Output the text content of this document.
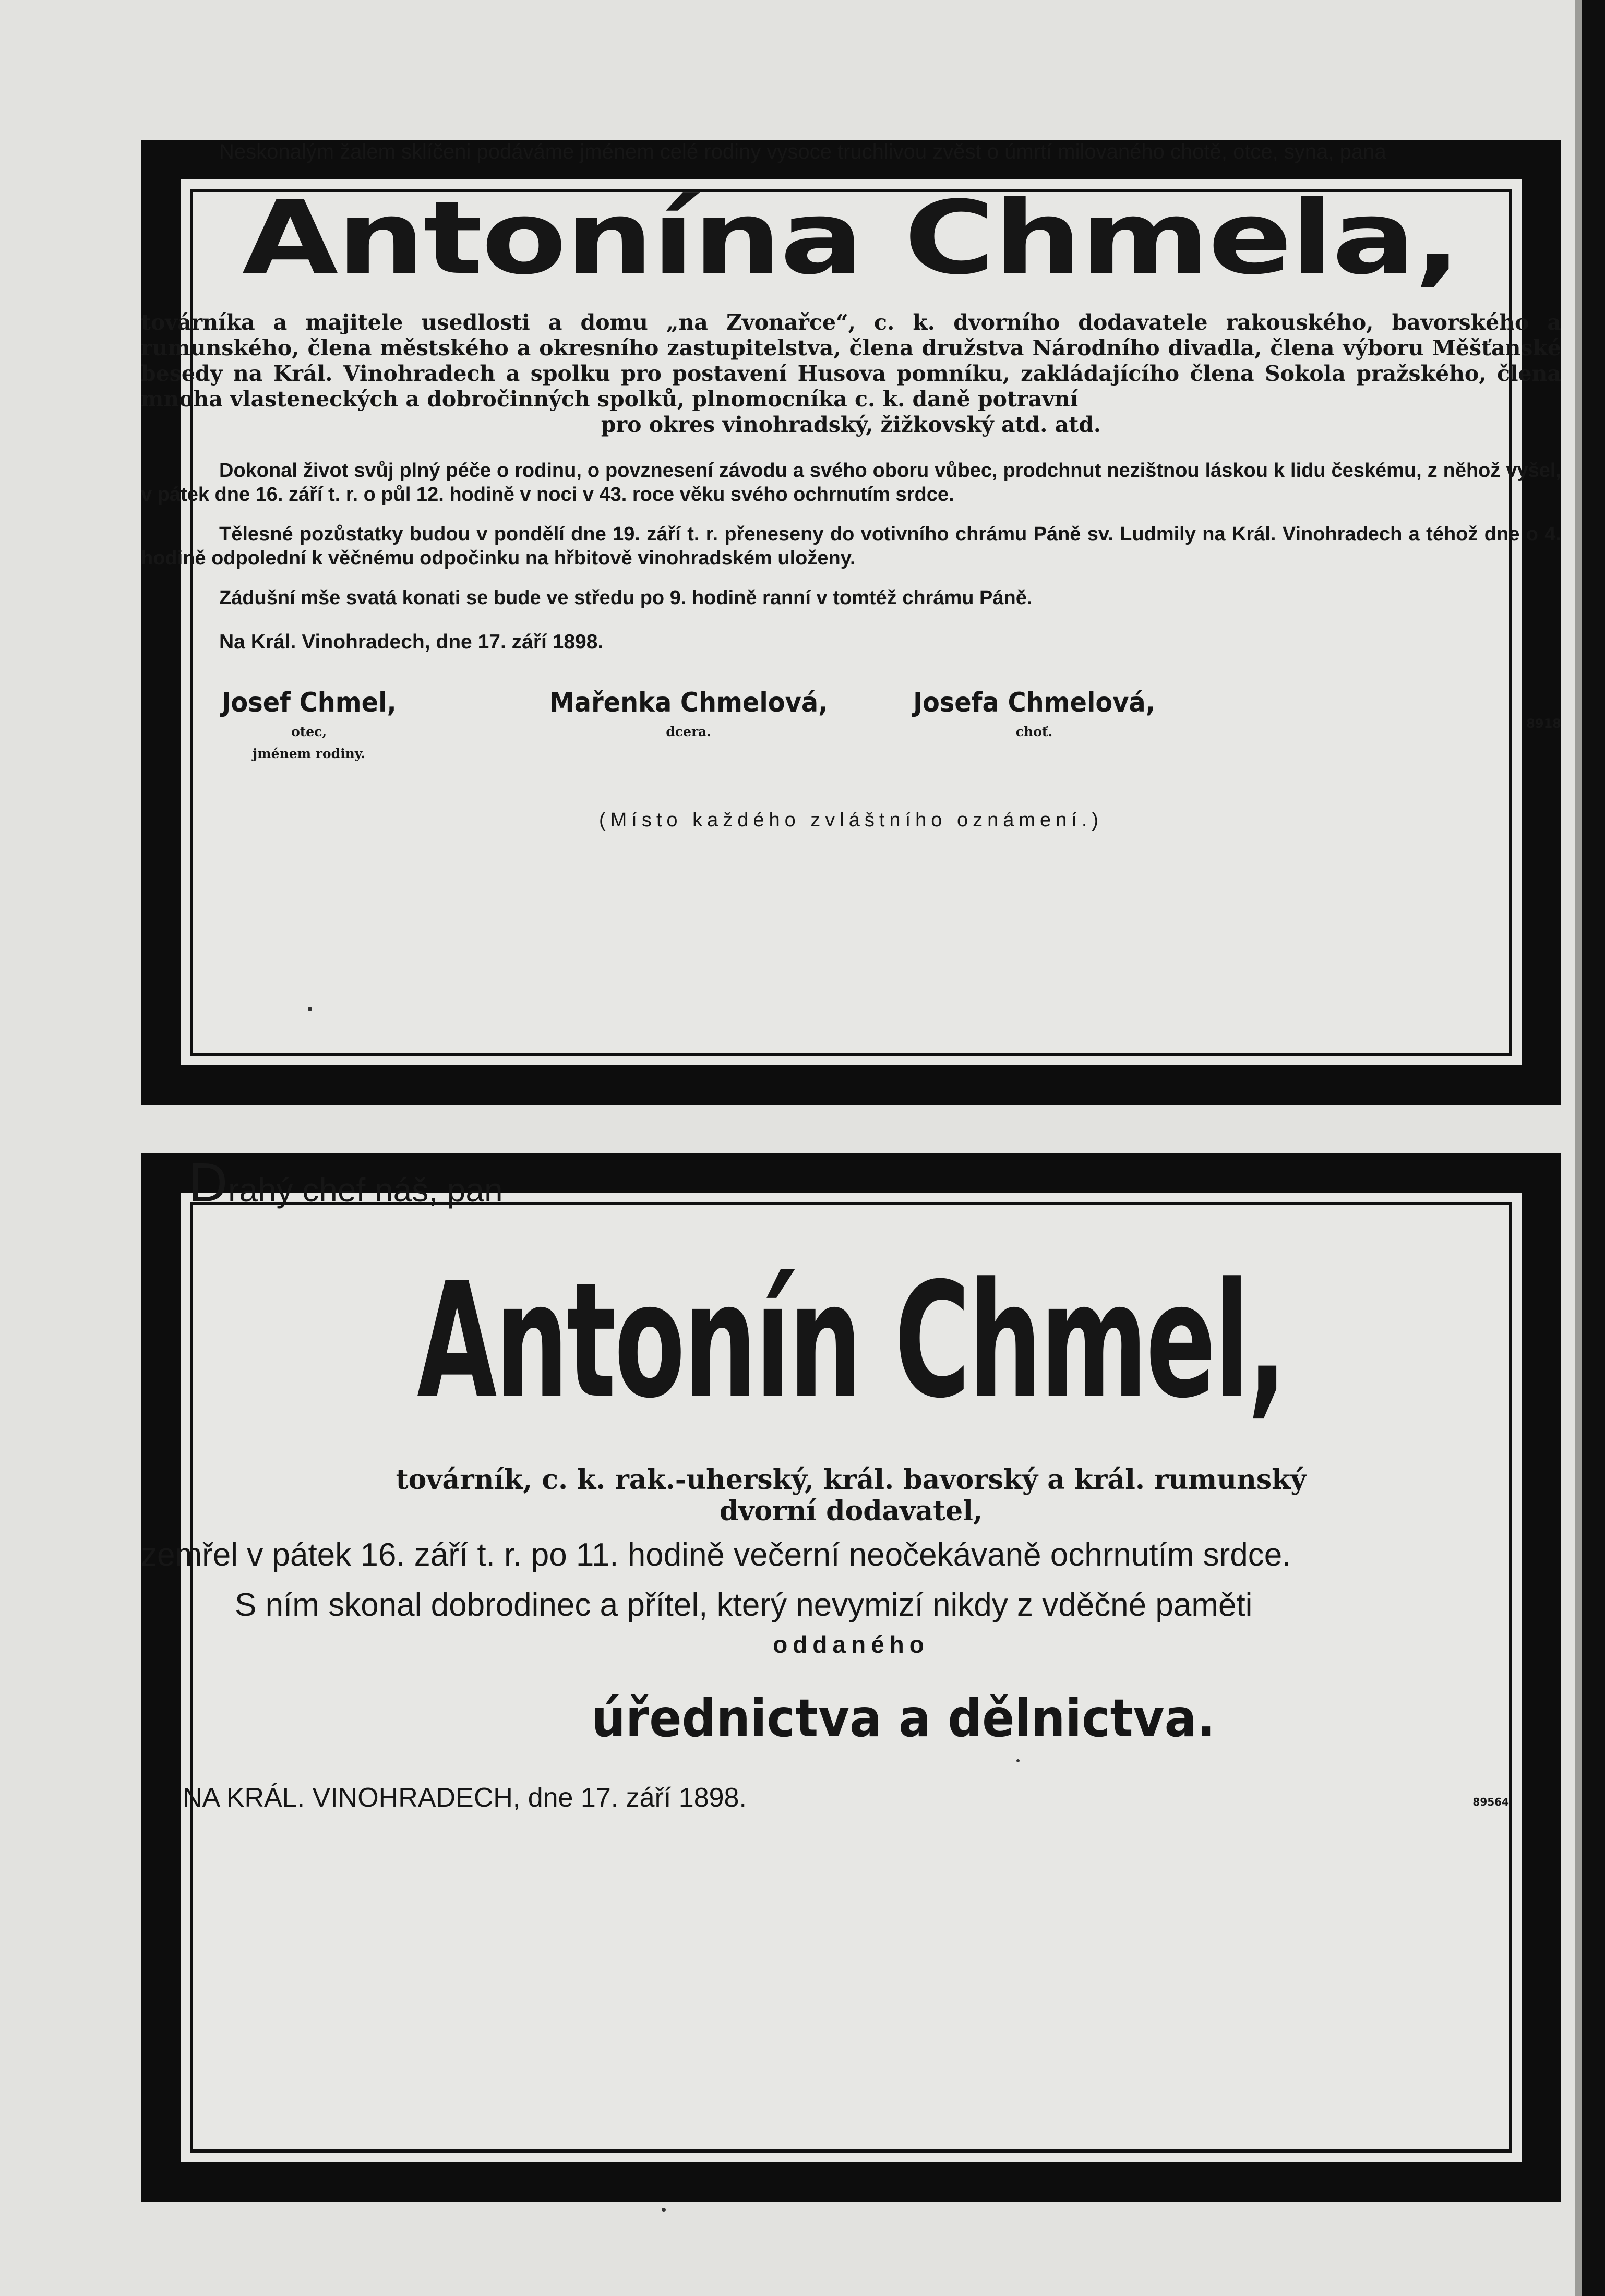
Neskonalým žalem sklíčeni podáváme jménem celé rodiny vysoce truchlivou zvěst o úmrtí milovaného chotě, otce, syna, pana

Antonína Chmela,

továrníka a majitele usedlosti a domu „na Zvonařce“, c. k. dvorního dodavatele rakouského, bavorského a rumunského, člena městského a okresního zastupitelstva, člena družstva Národního divadla, člena výboru Měšťanské besedy na Král. Vinohradech a spolku pro postavení Husova pomníku, zakládajícího člena Sokola pražského, člena mnoha vlasteneckých a dobročinných spolků, plnomocníka c. k. daně potravní

pro okres vinohradský, žižkovský atd. atd.

Dokonal život svůj plný péče o rodinu, o povznesení závodu a svého oboru vůbec, prodchnut nezištnou láskou k lidu českému, z něhož vyšel, v pátek dne 16. září t. r. o půl 12. hodině v noci v 43. roce věku svého ochrnutím srdce.

Tělesné pozůstatky budou v pondělí dne 19. září t. r. přeneseny do votivního chrámu Páně sv. Ludmily na Král. Vinohradech a téhož dne o 4. hodině odpolední k věčnému odpočinku na hřbitově vinohradském uloženy.

Zádušní mše svatá konati se bude ve středu po 9. hodině ranní v tomtéž chrámu Páně.

Na Král. Vinohradech, dne 17. září 1898.

Josef Chmel,
otec,
jménem rodiny.
Mařenka Chmelová,
dcera.
Josefa Chmelová,
choť.
8918
(Místo každého zvláštního oznámení.)

Drahý chef náš, pan

Antonín Chmel,

továrník, c. k. rak.-uherský, král. bavorský a král. rumunský

dvorní dodavatel,

zemřel v pátek 16. září t. r. po 11. hodině večerní neočekávaně ochrnutím srdce.

S ním skonal dobrodinec a přítel, který nevymizí nikdy z vděčné paměti

oddaného

úřednictva a dělnictva.
NA KRÁL. VINOHRADECH, dne 17. září 1898.	89564
